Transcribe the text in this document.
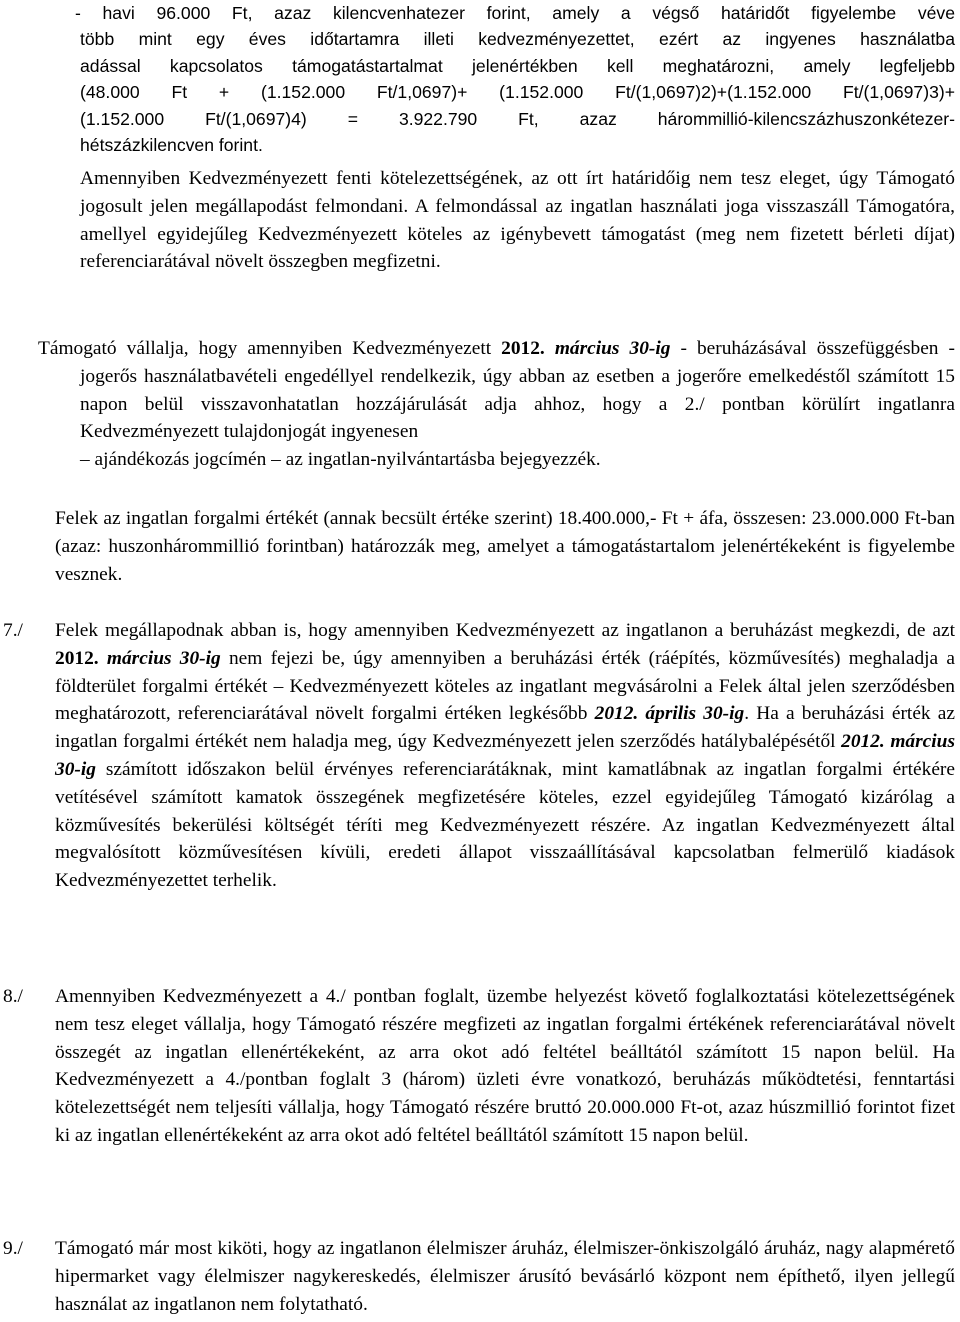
- havi 96.000 Ft, azaz kilencvenhatezer forint, amely a végső határidőt figyelembe véve
több mint egy éves időtartamra illeti kedvezményezettet, ezért az ingyenes használatba
adással kapcsolatos támogatástartalmat jelenértékben kell meghatározni, amely legfeljebb
(48.000 Ft + (1.152.000 Ft/1,0697)+ (1.152.000 Ft/(1,0697)2)+(1.152.000 Ft/(1,0697)3)+
(1.152.000 Ft/(1,0697)4) = 3.922.790 Ft, azaz hárommillió-kilencszázhuszonkétezer-
hétszázkilencven forint.

Amennyiben Kedvezményezett fenti kötelezettségének, az ott írt határidőig nem tesz eleget, úgy Támogató jogosult jelen megállapodást felmondani. A felmondással az ingatlan használati joga visszaszáll Támogatóra, amellyel egyidejűleg Kedvezményezett köteles az igénybevett támogatást (meg nem fizetett bérleti díjat) referenciarátával növelt összegben megfizetni.

Támogató vállalja, hogy amennyiben Kedvezményezett 2012. március 30-ig - beruházásával összefüggésben - jogerős használatbavételi engedéllyel rendelkezik, úgy abban az esetben a jogerőre emelkedéstől számított 15 napon belül visszavonhatatlan hozzájárulását adja ahhoz, hogy a 2./ pontban körülírt ingatlanra Kedvezményezett tulajdonjogát ingyenesen

– ajándékozás jogcímén – az ingatlan-nyilvántartásba bejegyezzék.

Felek az ingatlan forgalmi értékét (annak becsült értéke szerint) 18.400.000,- Ft + áfa, összesen: 23.000.000 Ft-ban (azaz: huszonhárommillió forintban) határozzák meg, amelyet a támogatástartalom jelenértékeként is figyelembe vesznek.

7./ Felek megállapodnak abban is, hogy amennyiben Kedvezményezett az ingatlanon a beruházást megkezdi, de azt 2012. március 30-ig nem fejezi be, úgy amennyiben a beruházási érték (ráépítés, közművesítés) meghaladja a földterület forgalmi értékét – Kedvezményezett köteles az ingatlant megvásárolni a Felek által jelen szerződésben meghatározott, referenciarátával növelt forgalmi értéken legkésőbb 2012. április 30-ig. Ha a beruházási érték az ingatlan forgalmi értékét nem haladja meg, úgy Kedvezményezett jelen szerződés hatálybalépésétől 2012. március 30-ig számított időszakon belül érvényes referenciarátáknak, mint kamatlábnak az ingatlan forgalmi értékére vetítésével számított kamatok összegének megfizetésére köteles, ezzel egyidejűleg Támogató kizárólag a közművesítés bekerülési költségét téríti meg Kedvezményezett részére. Az ingatlan Kedvezményezett által megvalósított közművesítésen kívüli, eredeti állapot visszaállításával kapcsolatban felmerülő kiadások Kedvezményezettet terhelik.

8./ Amennyiben Kedvezményezett a 4./ pontban foglalt, üzembe helyezést követő foglalkoztatási kötelezettségének nem tesz eleget vállalja, hogy Támogató részére megfizeti az ingatlan forgalmi értékének referenciarátával növelt összegét az ingatlan ellenértékeként, az arra okot adó feltétel beálltától számított 15 napon belül. Ha Kedvezményezett a 4./pontban foglalt 3 (három) üzleti évre vonatkozó, beruházás működtetési, fenntartási kötelezettségét nem teljesíti vállalja, hogy Támogató részére bruttó 20.000.000 Ft-ot, azaz húszmillió forintot fizet ki az ingatlan ellenértékeként az arra okot adó feltétel beálltától számított 15 napon belül.

9./ Támogató már most kiköti, hogy az ingatlanon élelmiszer áruház, élelmiszer-önkiszolgáló áruház, nagy alapmérető hipermarket vagy élelmiszer nagykereskedés, élelmiszer árusító bevásárló központ nem építhető, ilyen jellegű használat az ingatlanon nem folytatható.
